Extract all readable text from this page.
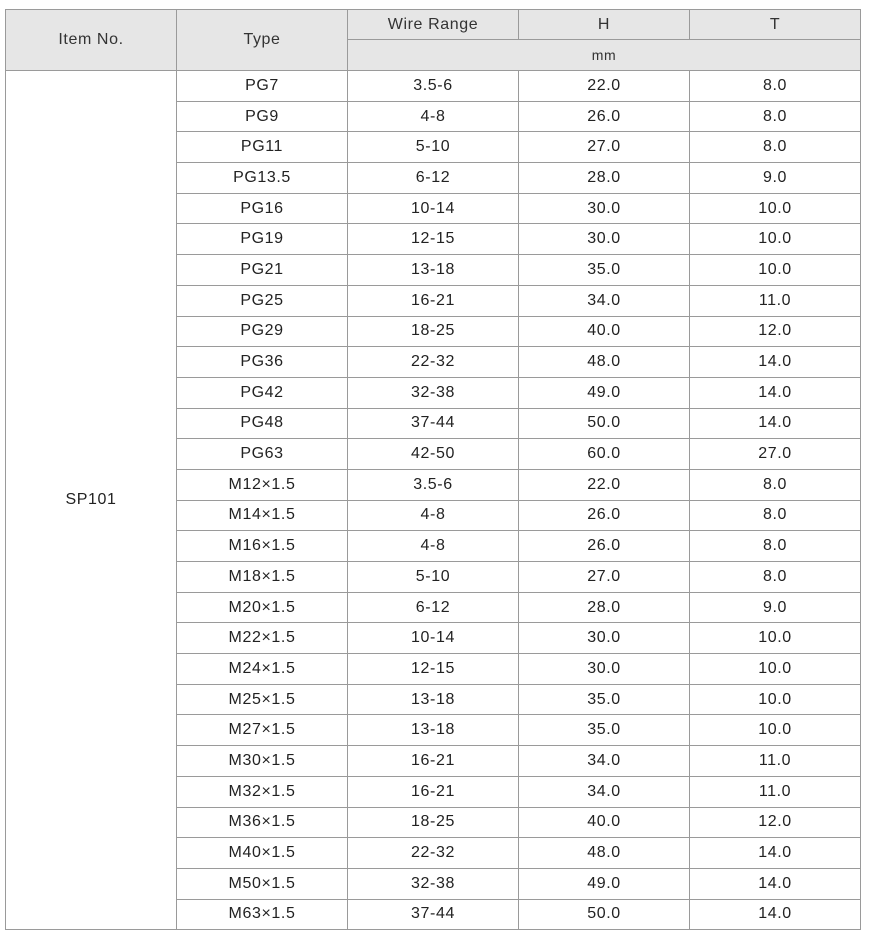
Item No.	Type	Wire Range	H	T
		mm		
SP101	PG7	3.5-6	22.0	8.0
	PG9	4-8	26.0	8.0
	PG11	5-10	27.0	8.0
	PG13.5	6-12	28.0	9.0
	PG16	10-14	30.0	10.0
	PG19	12-15	30.0	10.0
	PG21	13-18	35.0	10.0
	PG25	16-21	34.0	11.0
	PG29	18-25	40.0	12.0
	PG36	22-32	48.0	14.0
	PG42	32-38	49.0	14.0
	PG48	37-44	50.0	14.0
	PG63	42-50	60.0	27.0
	M12×1.5	3.5-6	22.0	8.0
	M14×1.5	4-8	26.0	8.0
	M16×1.5	4-8	26.0	8.0
	M18×1.5	5-10	27.0	8.0
	M20×1.5	6-12	28.0	9.0
	M22×1.5	10-14	30.0	10.0
	M24×1.5	12-15	30.0	10.0
	M25×1.5	13-18	35.0	10.0
	M27×1.5	13-18	35.0	10.0
	M30×1.5	16-21	34.0	11.0
	M32×1.5	16-21	34.0	11.0
	M36×1.5	18-25	40.0	12.0
	M40×1.5	22-32	48.0	14.0
	M50×1.5	32-38	49.0	14.0
	M63×1.5	37-44	50.0	14.0
